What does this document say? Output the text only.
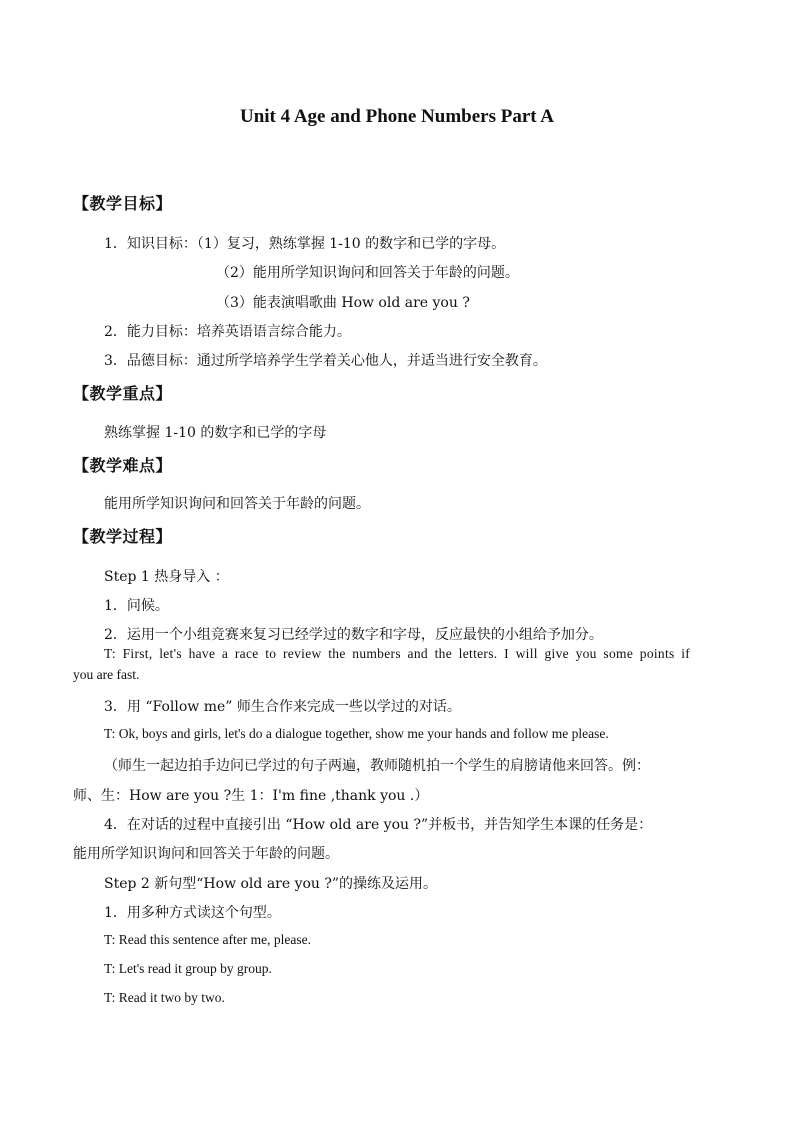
Unit 4 Age and Phone Numbers Part A
【教学目标】
1．知识目标：（1）复习，熟练掌握 1-10 的数字和已学的字母。
（2）能用所学知识询问和回答关于年龄的问题。
（3）能表演唱歌曲 How old are you ?
2．能力目标：培养英语语言综合能力。
3．品德目标：通过所学培养学生学着关心他人，并适当进行安全教育。
【教学重点】
熟练掌握 1-10 的数字和已学的字母
【教学难点】
能用所学知识询问和回答关于年龄的问题。
【教学过程】
Step 1 热身导入 ：
1．问候。
2．运用一个小组竞赛来复习已经学过的数字和字母，反应最快的小组给予加分。
T: First, let's have a race to review the numbers and the letters. I will give you some points if
you are fast.
3．用 “Follow me” 师生合作来完成一些以学过的对话。
T: Ok, boys and girls, let's do a dialogue together, show me your hands and follow me please.
（师生一起边拍手边问已学过的句子两遍，教师随机拍一个学生的肩膀请他来回答。例：
师、生：How are you ?生 1：I'm fine ,thank you .）
4．在对话的过程中直接引出 “How old are you ?”并板书，并告知学生本课的任务是：
能用所学知识询问和回答关于年龄的问题。
Step 2 新句型“How old are you ?”的操练及运用。
1．用多种方式读这个句型。
T: Read this sentence after me, please.
T: Let's read it group by group.
T: Read it two by two.
